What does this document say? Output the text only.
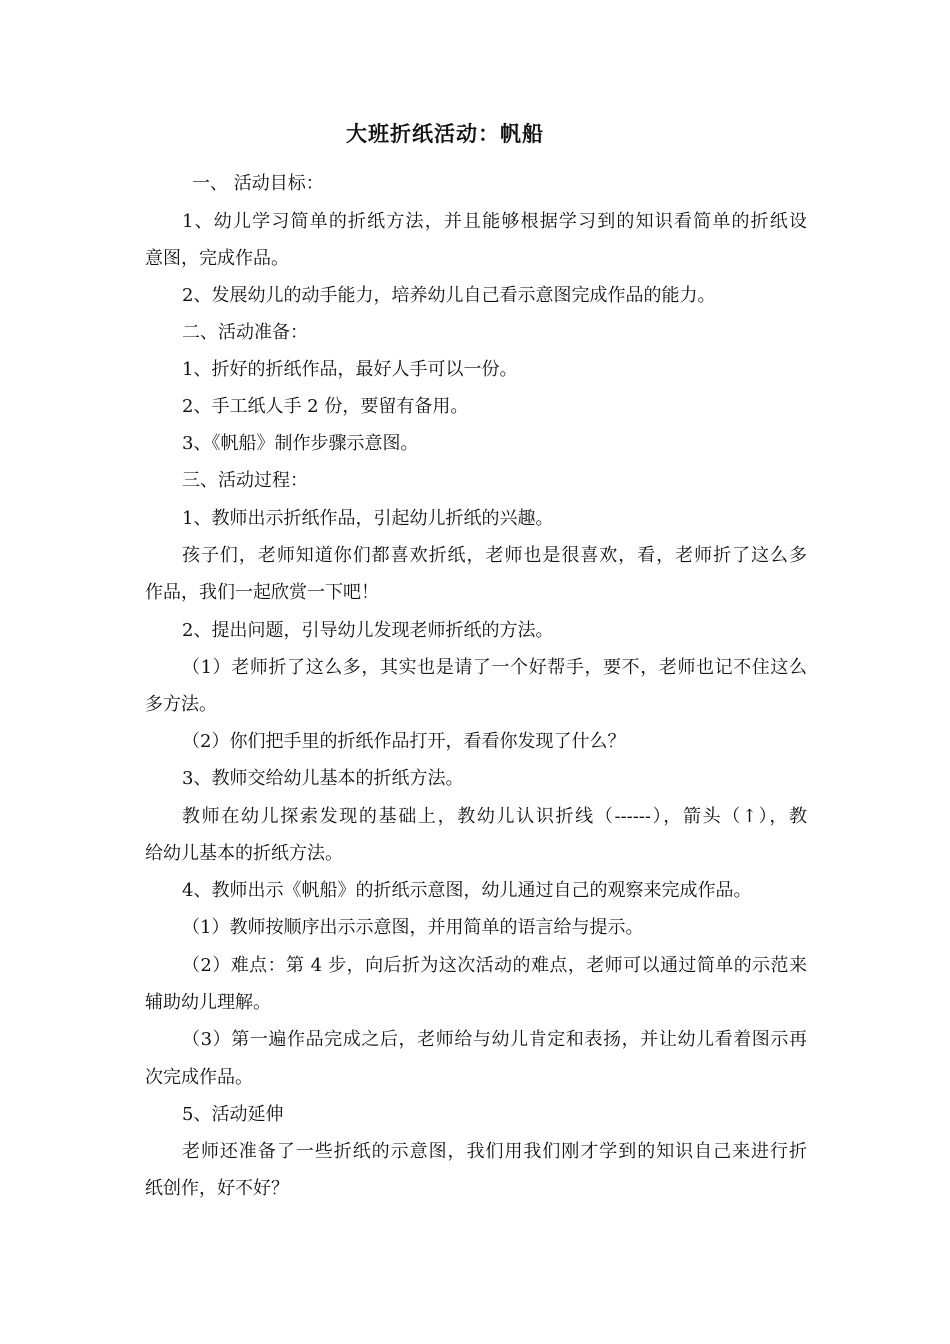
大班折纸活动：帆船
一、 活动目标：
1、幼儿学习简单的折纸方法，并且能够根据学习到的知识看简单的折纸设
意图，完成作品。
2、发展幼儿的动手能力，培养幼儿自己看示意图完成作品的能力。
二、活动准备：
1、折好的折纸作品，最好人手可以一份。
2、手工纸人手 2 份，要留有备用。
3、《帆船》制作步骤示意图。
三、活动过程：
1、教师出示折纸作品，引起幼儿折纸的兴趣。
孩子们，老师知道你们都喜欢折纸，老师也是很喜欢，看，老师折了这么多
作品，我们一起欣赏一下吧！
2、提出问题，引导幼儿发现老师折纸的方法。
（1）老师折了这么多，其实也是请了一个好帮手，要不，老师也记不住这么
多方法。
（2）你们把手里的折纸作品打开，看看你发现了什么？
3、教师交给幼儿基本的折纸方法。
教师在幼儿探索发现的基础上，教幼儿认识折线（------），箭头（↑），教
给幼儿基本的折纸方法。
4、教师出示《帆船》的折纸示意图，幼儿通过自己的观察来完成作品。
（1）教师按顺序出示示意图，并用简单的语言给与提示。
（2）难点：第 4 步，向后折为这次活动的难点，老师可以通过简单的示范来
辅助幼儿理解。
（3）第一遍作品完成之后，老师给与幼儿肯定和表扬，并让幼儿看着图示再
次完成作品。
5、活动延伸
老师还准备了一些折纸的示意图，我们用我们刚才学到的知识自己来进行折
纸创作，好不好？
